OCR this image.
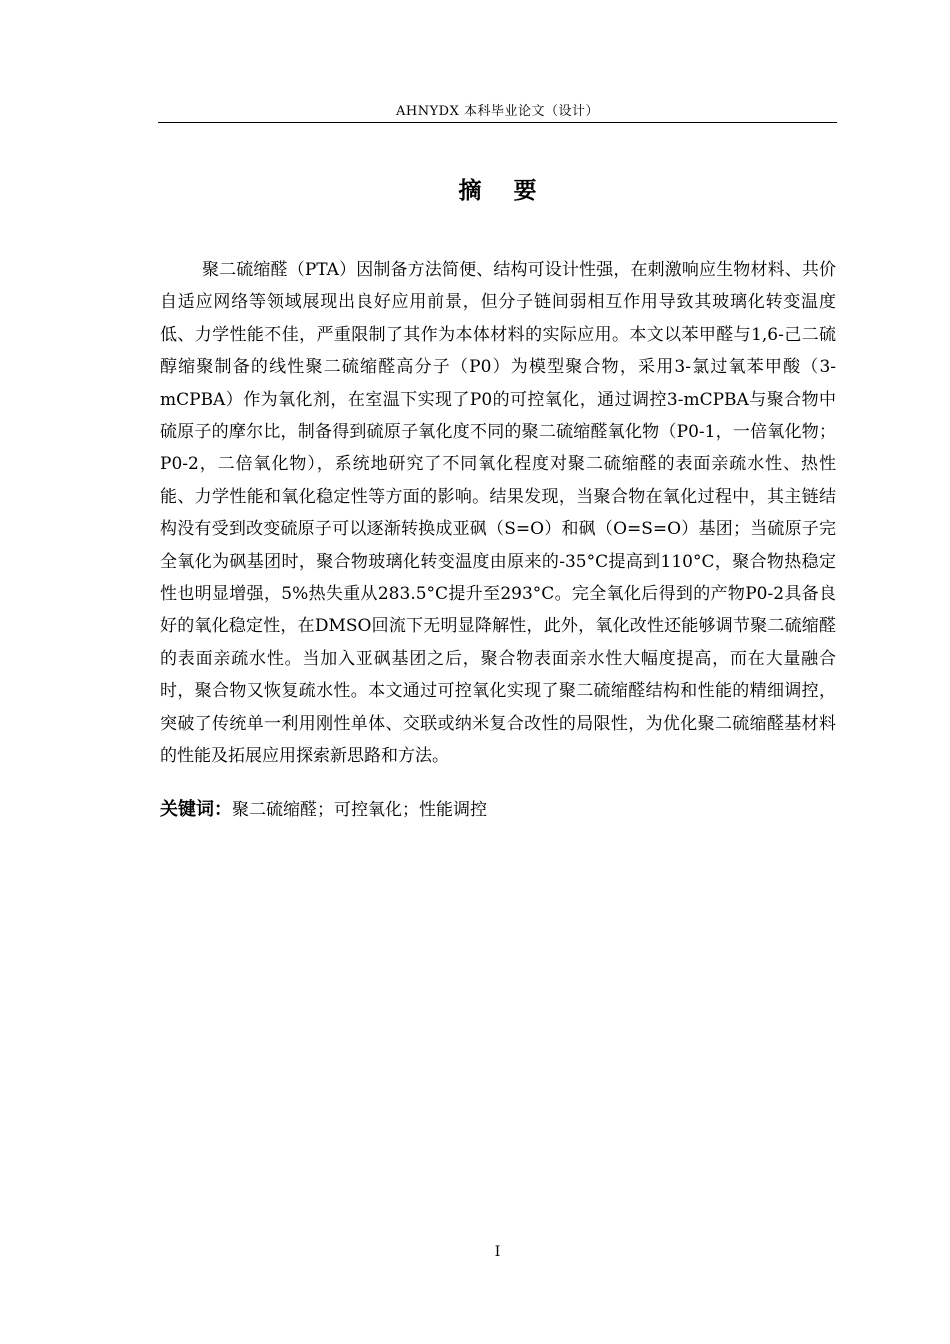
AHNYDX 本科毕业论文（设计）
摘 要

聚二硫缩醛（PTA）因制备方法简便、结构可设计性强，在刺激响应生物材料、共价自适应网络等领域展现出良好应用前景，但分子链间弱相互作用导致其玻璃化转变温度低、力学性能不佳，严重限制了其作为本体材料的实际应用。本文以苯甲醛与1,6-己二硫醇缩聚制备的线性聚二硫缩醛高分子（P0）为模型聚合物，采用3-氯过氧苯甲酸（3-mCPBA）作为氧化剂，在室温下实现了P0的可控氧化，通过调控3-mCPBA与聚合物中硫原子的摩尔比，制备得到硫原子氧化度不同的聚二硫缩醛氧化物（P0-1，一倍氧化物；P0-2，二倍氧化物），系统地研究了不同氧化程度对聚二硫缩醛的表面亲疏水性、热性能、力学性能和氧化稳定性等方面的影响。结果发现，当聚合物在氧化过程中，其主链结构没有受到改变硫原子可以逐渐转换成亚砜（S=O）和砜（O=S=O）基团；当硫原子完全氧化为砜基团时，聚合物玻璃化转变温度由原来的-35°C提高到110°C，聚合物热稳定性也明显增强，5%热失重从283.5°C提升至293°C。完全氧化后得到的产物P0-2具备良好的氧化稳定性，在DMSO回流下无明显降解性，此外，氧化改性还能够调节聚二硫缩醛的表面亲疏水性。当加入亚砜基团之后，聚合物表面亲水性大幅度提高，而在大量融合时，聚合物又恢复疏水性。本文通过可控氧化实现了聚二硫缩醛结构和性能的精细调控，突破了传统单一利用刚性单体、交联或纳米复合改性的局限性，为优化聚二硫缩醛基材料的性能及拓展应用探索新思路和方法。

关键词：聚二硫缩醛；可控氧化；性能调控
I
